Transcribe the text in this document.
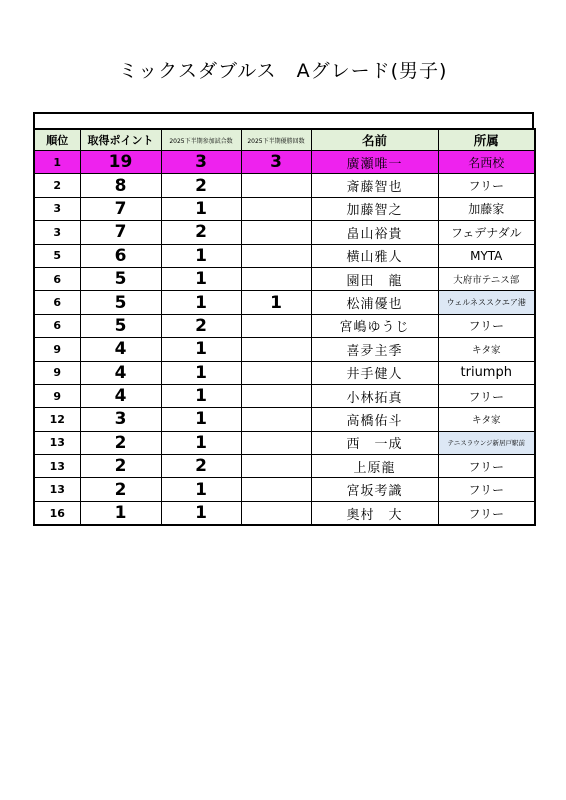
ミックスダブルス　Aグレード(男子)
順位	取得ポイント	2025下半期参加試合数	2025下半期優勝回数	名前	所属
1	19	3	3	廣瀬唯一	名西校
2	8	2		斎藤智也	フリー
3	7	1		加藤智之	加藤家
3	7	2		畠山裕貴	フェデナダル
5	6	1		横山雅人	MYTA
6	5	1		園田　龍	大府市テニス部
6	5	1	1	松浦優也	ウェルネススクエア港
6	5	2		宮嶋ゆうじ	フリー
9	4	1		喜夛主季	キタ家
9	4	1		井手健人	triumph
9	4	1		小林拓真	フリー
12	3	1		高橋佑斗	キタ家
13	2	1		西　一成	テニスラウンジ新居戸駅前
13	2	2		上原龍	フリー
13	2	1		宮坂考識	フリー
16	1	1		奥村　大	フリー
